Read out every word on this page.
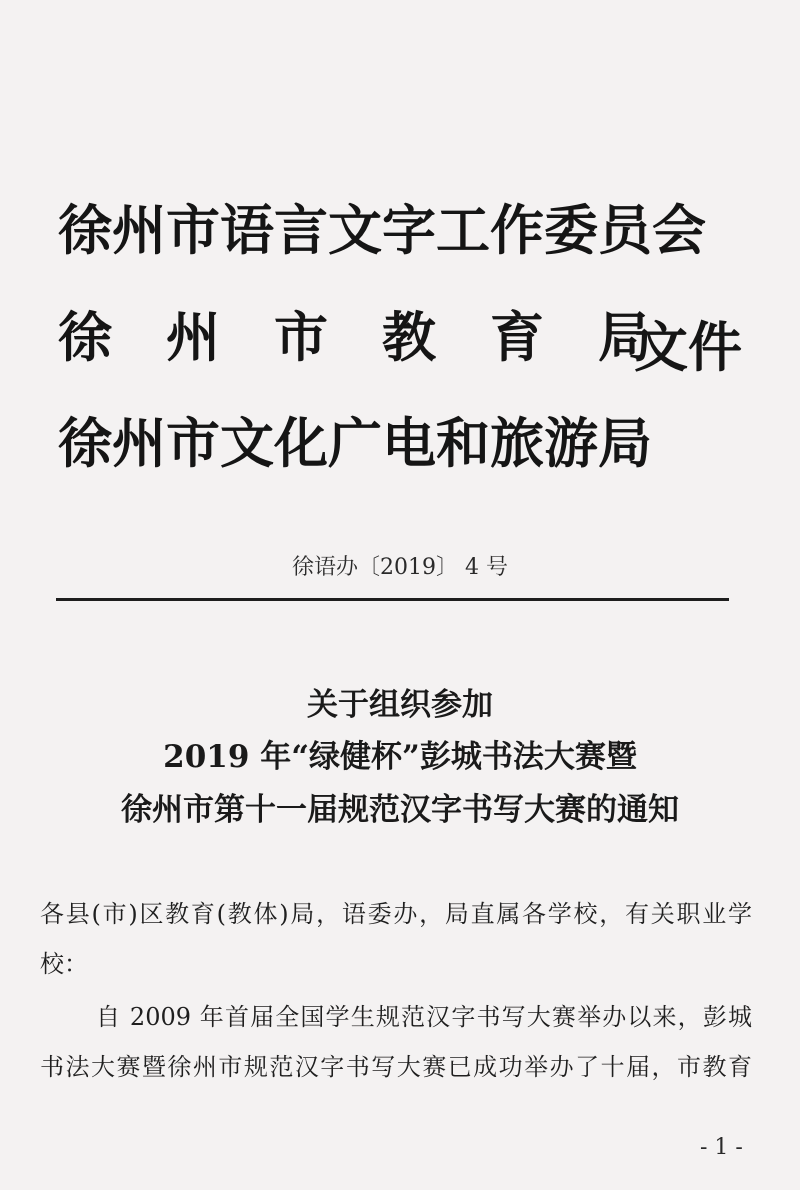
徐州市语言文字工作委员会
徐　州　市　教　育　局
徐州市文化广电和旅游局
文件
徐语办〔2019〕 4 号
关于组织参加
2019 年“绿健杯”彭城书法大赛暨
徐州市第十一届规范汉字书写大赛的通知
各县(市)区教育(教体)局，语委办，局直属各学校，有关职业学
校：
自 2009 年首届全国学生规范汉字书写大赛举办以来，彭城
书法大赛暨徐州市规范汉字书写大赛已成功举办了十届，市教育
- 1 -
